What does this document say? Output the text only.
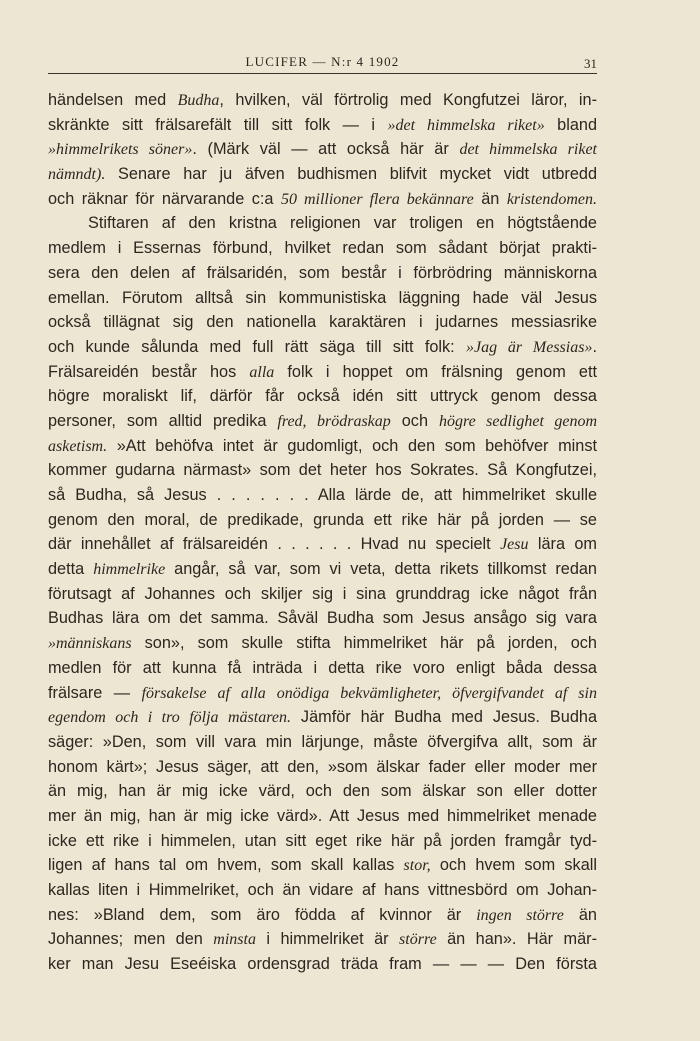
LUCIFER — N:r 4 1902	31
händelsen med Budha, hvilken, väl förtrolig med Kongfutzei läror, in-
skränkte sitt frälsarefält till sitt folk — i »det himmelska riket» bland
»himmelrikets söner». (Märk väl — att också här är det himmelska riket
nämndt). Senare har ju äfven budhismen blifvit mycket vidt utbredd
och räknar för närvarande c:a 50 millioner flera bekännare än kristendomen.
Stiftaren af den kristna religionen var troligen en högtstående
medlem i Essernas förbund, hvilket redan som sådant börjat prakti-
sera den delen af frälsaridén, som består i förbrödring människorna
emellan. Förutom alltså sin kommunistiska läggning hade väl Jesus
också tillägnat sig den nationella karaktären i judarnes messiasrike
och kunde sålunda med full rätt säga till sitt folk: »Jag är Messias».
Frälsareidén består hos alla folk i hoppet om frälsning genom ett
högre moraliskt lif, därför får också idén sitt uttryck genom dessa
personer, som alltid predika fred, brödraskap och högre sedlighet genom
asketism. »Att behöfva intet är gudomligt, och den som behöfver minst
kommer gudarna närmast» som det heter hos Sokrates. Så Kongfutzei,
så Budha, så Jesus . . . . . . . Alla lärde de, att himmelriket skulle
genom den moral, de predikade, grunda ett rike här på jorden — se
där innehållet af frälsareidén . . . . . . Hvad nu specielt Jesu lära om
detta himmelrike angår, så var, som vi veta, detta rikets tillkomst redan
förutsagt af Johannes och skiljer sig i sina grunddrag icke något från
Budhas lära om det samma. Såväl Budha som Jesus ansågo sig vara
»människans son», som skulle stifta himmelriket här på jorden, och
medlen för att kunna få inträda i detta rike voro enligt båda dessa
frälsare — försakelse af alla onödiga bekvämligheter, öfvergifvandet af sin
egendom och i tro följa mästaren. Jämför här Budha med Jesus. Budha
säger: »Den, som vill vara min lärjunge, måste öfvergifva allt, som är
honom kärt»; Jesus säger, att den, »som älskar fader eller moder mer
än mig, han är mig icke värd, och den som älskar son eller dotter
mer än mig, han är mig icke värd». Att Jesus med himmelriket menade
icke ett rike i himmelen, utan sitt eget rike här på jorden framgår tyd-
ligen af hans tal om hvem, som skall kallas stor, och hvem som skall
kallas liten i Himmelriket, och än vidare af hans vittnesbörd om Johan-
nes: »Bland dem, som äro födda af kvinnor är ingen större än
Johannes; men den minsta i himmelriket är större än han». Här mär-
ker man Jesu Eseéiska ordensgrad träda fram — — — Den första
